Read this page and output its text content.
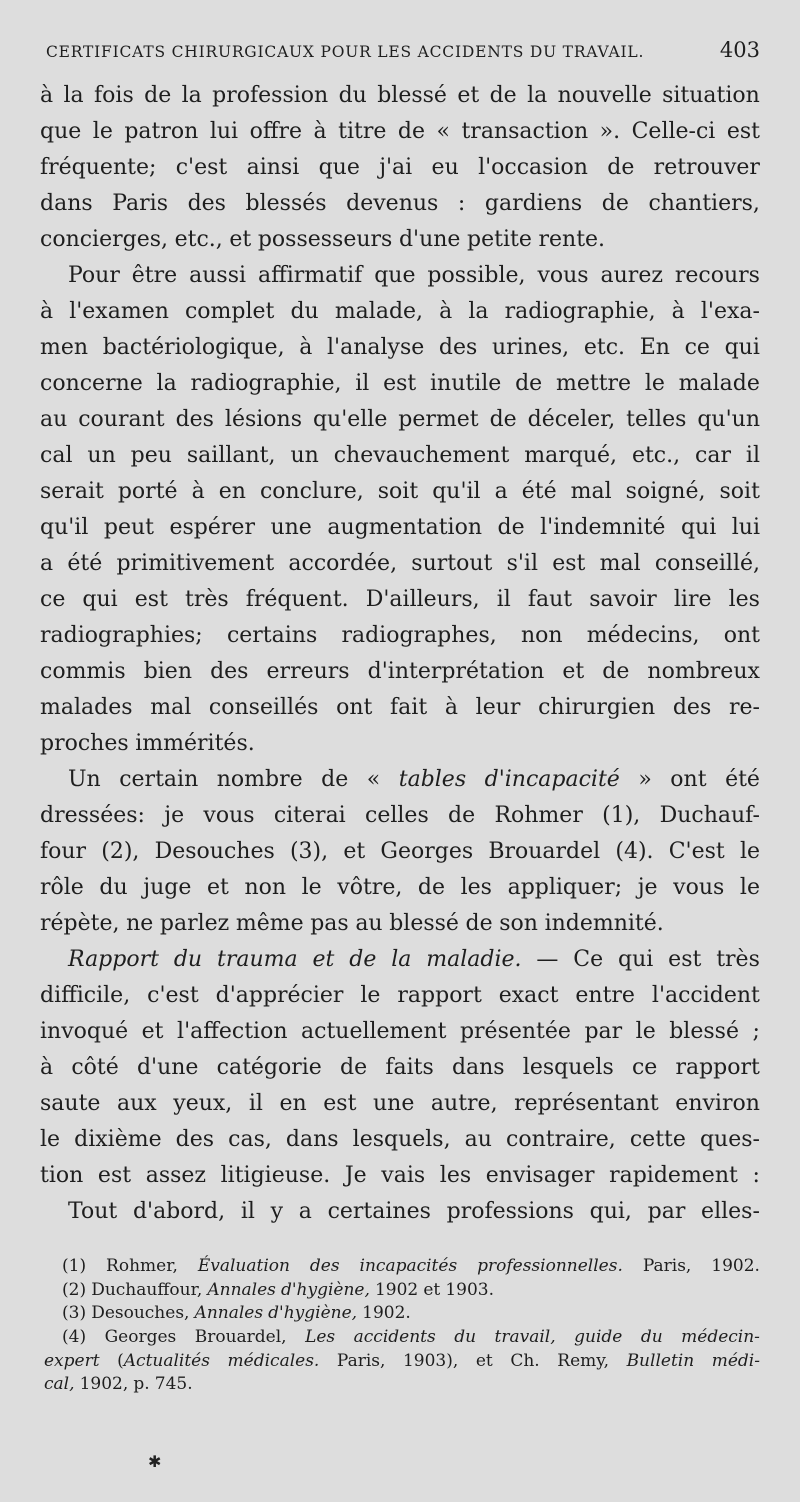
CERTIFICATS CHIRURGICAUX POUR LES ACCIDENTS DU TRAVAIL.	403
à la fois de la profession du blessé et de la nouvelle situation
que le patron lui offre à titre de « transaction ». Celle-ci est
fréquente; c'est ainsi que j'ai eu l'occasion de retrouver
dans Paris des blessés devenus : gardiens de chantiers,
concierges, etc., et possesseurs d'une petite rente.
Pour être aussi affirmatif que possible, vous aurez recours
à l'examen complet du malade, à la radiographie, à l'exa-
men bactériologique, à l'analyse des urines, etc. En ce qui
concerne la radiographie, il est inutile de mettre le malade
au courant des lésions qu'elle permet de déceler, telles qu'un
cal un peu saillant, un chevauchement marqué, etc., car il
serait porté à en conclure, soit qu'il a été mal soigné, soit
qu'il peut espérer une augmentation de l'indemnité qui lui
a été primitivement accordée, surtout s'il est mal conseillé,
ce qui est très fréquent. D'ailleurs, il faut savoir lire les
radiographies; certains radiographes, non médecins, ont
commis bien des erreurs d'interprétation et de nombreux
malades mal conseillés ont fait à leur chirurgien des re-
proches immérités.
Un certain nombre de « tables d'incapacité » ont été
dressées: je vous citerai celles de Rohmer (1), Duchauf-
four (2), Desouches (3), et Georges Brouardel (4). C'est le
rôle du juge et non le vôtre, de les appliquer; je vous le
répète, ne parlez même pas au blessé de son indemnité.
Rapport du trauma et de la maladie. — Ce qui est très
difficile, c'est d'apprécier le rapport exact entre l'accident
invoqué et l'affection actuellement présentée par le blessé ;
à côté d'une catégorie de faits dans lesquels ce rapport
saute aux yeux, il en est une autre, représentant environ
le dixième des cas, dans lesquels, au contraire, cette ques-
tion est assez litigieuse. Je vais les envisager rapidement :
Tout d'abord, il y a certaines professions qui, par elles-
(1) Rohmer, Évaluation des incapacités professionnelles. Paris, 1902.
(2) Duchauffour, Annales d'hygiène, 1902 et 1903.
(3) Desouches, Annales d'hygiène, 1902.
(4) Georges Brouardel, Les accidents du travail, guide du médecin-
expert (Actualités médicales. Paris, 1903), et Ch. Remy, Bulletin médi-
cal, 1902, p. 745.
✱
